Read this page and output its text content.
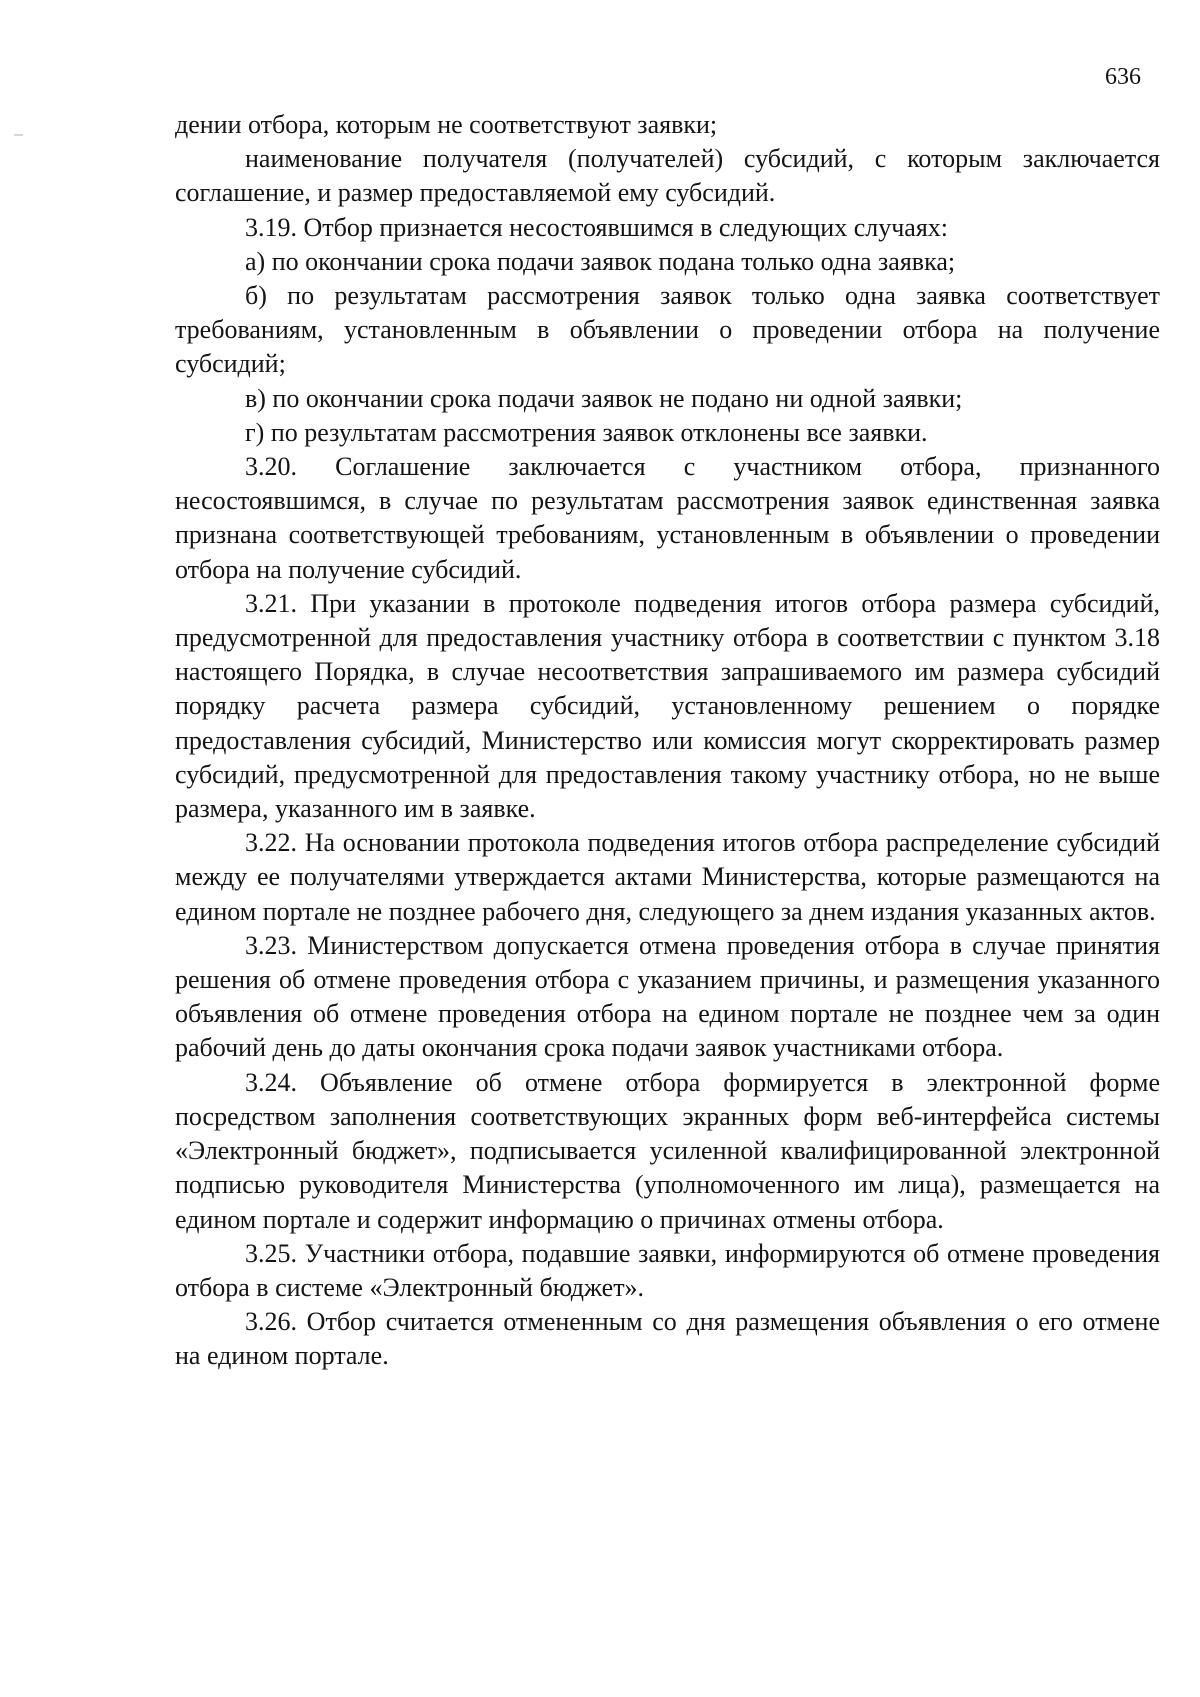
636

дении отбора, которым не соответствуют заявки;

наименование получателя (получателей) субсидий, с которым заключается соглашение, и размер предоставляемой ему субсидий.

3.19. Отбор признается несостоявшимся в следующих случаях:

а) по окончании срока подачи заявок подана только одна заявка;

б) по результатам рассмотрения заявок только одна заявка соответствует требованиям, установленным в объявлении о проведении отбора на получение субсидий;

в) по окончании срока подачи заявок не подано ни одной заявки;

г) по результатам рассмотрения заявок отклонены все заявки.

3.20. Соглашение заключается с участником отбора, признанного несостоявшимся, в случае по результатам рассмотрения заявок единственная заявка признана соответствующей требованиям, установленным в объявлении о проведении отбора на получение субсидий.

3.21. При указании в протоколе подведения итогов отбора размера субсидий, предусмотренной для предоставления участнику отбора в соответствии с пунктом 3.18 настоящего Порядка, в случае несоответствия запрашиваемого им размера субсидий порядку расчета размера субсидий, установленному решением о порядке предоставления субсидий, Министерство или комиссия могут скорректировать размер субсидий, предусмотренной для предоставления такому участнику отбора, но не выше размера, указанного им в заявке.

3.22. На основании протокола подведения итогов отбора распределение субсидий между ее получателями утверждается актами Министерства, которые размещаются на едином портале не позднее рабочего дня, следующего за днем издания указанных актов.

3.23. Министерством допускается отмена проведения отбора в случае принятия решения об отмене проведения отбора с указанием причины, и размещения указанного объявления об отмене проведения отбора на едином портале не позднее чем за один рабочий день до даты окончания срока подачи заявок участниками отбора.

3.24. Объявление об отмене отбора формируется в электронной форме посредством заполнения соответствующих экранных форм веб-интерфейса системы «Электронный бюджет», подписывается усиленной квалифицированной электронной подписью руководителя Министерства (уполномоченного им лица), размещается на едином портале и содержит информацию о причинах отмены отбора.

3.25. Участники отбора, подавшие заявки, информируются об отмене проведения отбора в системе «Электронный бюджет».

3.26. Отбор считается отмененным со дня размещения объявления о его отмене на едином портале.
